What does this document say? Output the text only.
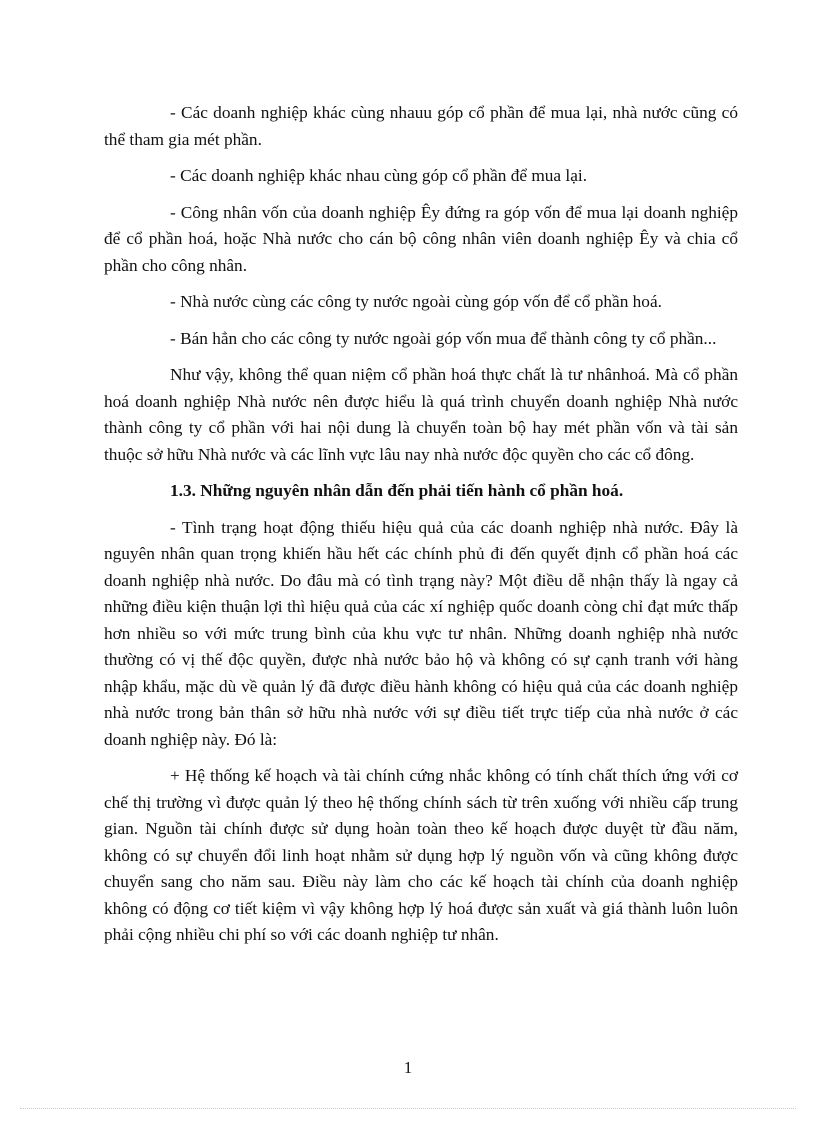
- Các doanh nghiệp khác cùng nhauu góp cổ phần để mua lại, nhà nước cũng có thể tham gia mét phần.

- Các doanh nghiệp khác nhau cùng góp cổ phần để mua lại.

- Công nhân vốn của doanh nghiệp Êy đứng ra góp vốn để mua lại doanh nghiệp để cổ phần hoá, hoặc Nhà nước cho cán bộ công nhân viên doanh nghiệp Êy và chia cổ phần cho công nhân.

- Nhà nước cùng các công ty nước ngoài cùng góp vốn để cổ phần hoá.

- Bán hẳn cho các công ty nước ngoài góp vốn mua để thành công ty cổ phần...

Như vậy, không thể quan niệm cổ phần hoá thực chất là tư nhânhoá. Mà cổ phần hoá doanh nghiệp Nhà nước nên được hiểu là quá trình chuyển doanh nghiệp Nhà nước thành công ty cổ phần với hai nội dung là chuyển toàn bộ hay mét phần vốn và tài sản thuộc sở hữu Nhà nước và các lĩnh vực lâu nay nhà nước độc quyền cho các cổ đông.

1.3. Những nguyên nhân dẫn đến phải tiến hành cổ phần hoá.

- Tình trạng hoạt động thiếu hiệu quả của các doanh nghiệp nhà nước. Đây là nguyên nhân quan trọng khiến hầu hết các chính phủ đi đến quyết định cổ phần hoá các doanh nghiệp nhà nước. Do đâu mà có tình trạng này? Một điều dễ nhận thấy là ngay cả những điều kiện thuận lợi thì hiệu quả của các xí nghiệp quốc doanh còng chỉ đạt mức thấp hơn nhiều so với mức trung bình của khu vực tư nhân. Những doanh nghiệp nhà nước thường có vị thế độc quyền, được nhà nước bảo hộ và không có sự cạnh tranh với hàng nhập khẩu, mặc dù về quản lý đã được điều hành không có hiệu quả của các doanh nghiệp nhà nước trong bản thân sở hữu nhà nước với sự điều tiết trực tiếp của nhà nước ở các doanh nghiệp này. Đó là:

+ Hệ thống kế hoạch và tài chính cứng nhắc không có tính chất thích ứng với cơ chế thị trường vì được quản lý theo hệ thống chính sách từ trên xuống với nhiều cấp trung gian. Nguồn tài chính được sử dụng hoàn toàn theo kế hoạch được duyệt từ đầu năm, không có sự chuyển đổi linh hoạt nhằm sử dụng hợp lý nguồn vốn và cũng không được chuyển sang cho năm sau. Điều này làm cho các kế hoạch tài chính của doanh nghiệp không có động cơ tiết kiệm vì vậy không hợp lý hoá được sản xuất và giá thành luôn luôn phải cộng nhiều chi phí so với các doanh nghiệp tư nhân.

1
